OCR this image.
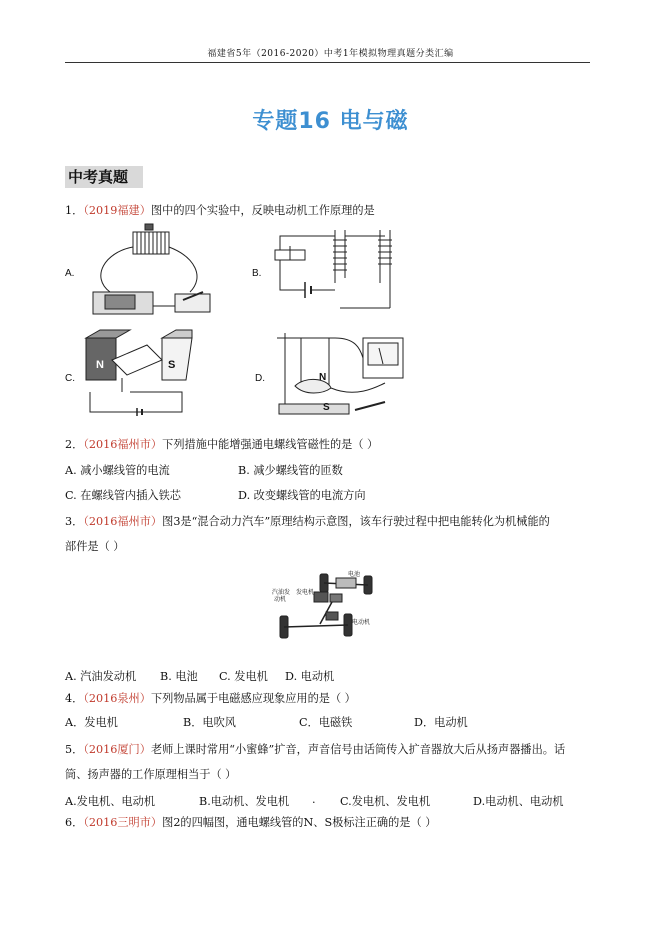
福建省5年（2016-2020）中考1年模拟物理真题分类汇编
专题16 电与磁
中考真题
1．（2019福建）图中的四个实验中，反映电动机工作原理的是
A.	B.
C.	D.
N	S
N
S
2．（2016福州市）下列措施中能增强通电螺线管磁性的是（ ）
A. 减小螺线管的电流	B. 减少螺线管的匝数
C. 在螺线管内插入铁芯	D. 改变螺线管的电流方向
3．（2016福州市）图3是“混合动力汽车”原理结构示意图，该车行驶过程中把电能转化为机械能的
部件是（ ）
汽油发
动机
发电机
电池
电动机
A. 汽油发动机 B. 电池 C. 发电机 D. 电动机
4．（2016泉州）下列物品属于电磁感应现象应用的是（ ）
A．发电机	B．电吹风	C．电磁铁	D．电动机
5．（2016厦门）老师上课时常用“小蜜蜂”扩音，声音信号由话筒传入扩音器放大后从扬声器播出。话
筒、扬声器的工作原理相当于（ ）
A.发电机、电动机	B.电动机、发电机 . C.发电机、发电机	D.电动机、电动机
6．（2016三明市）图2的四幅图，通电螺线管的N、S极标注正确的是（ ）
